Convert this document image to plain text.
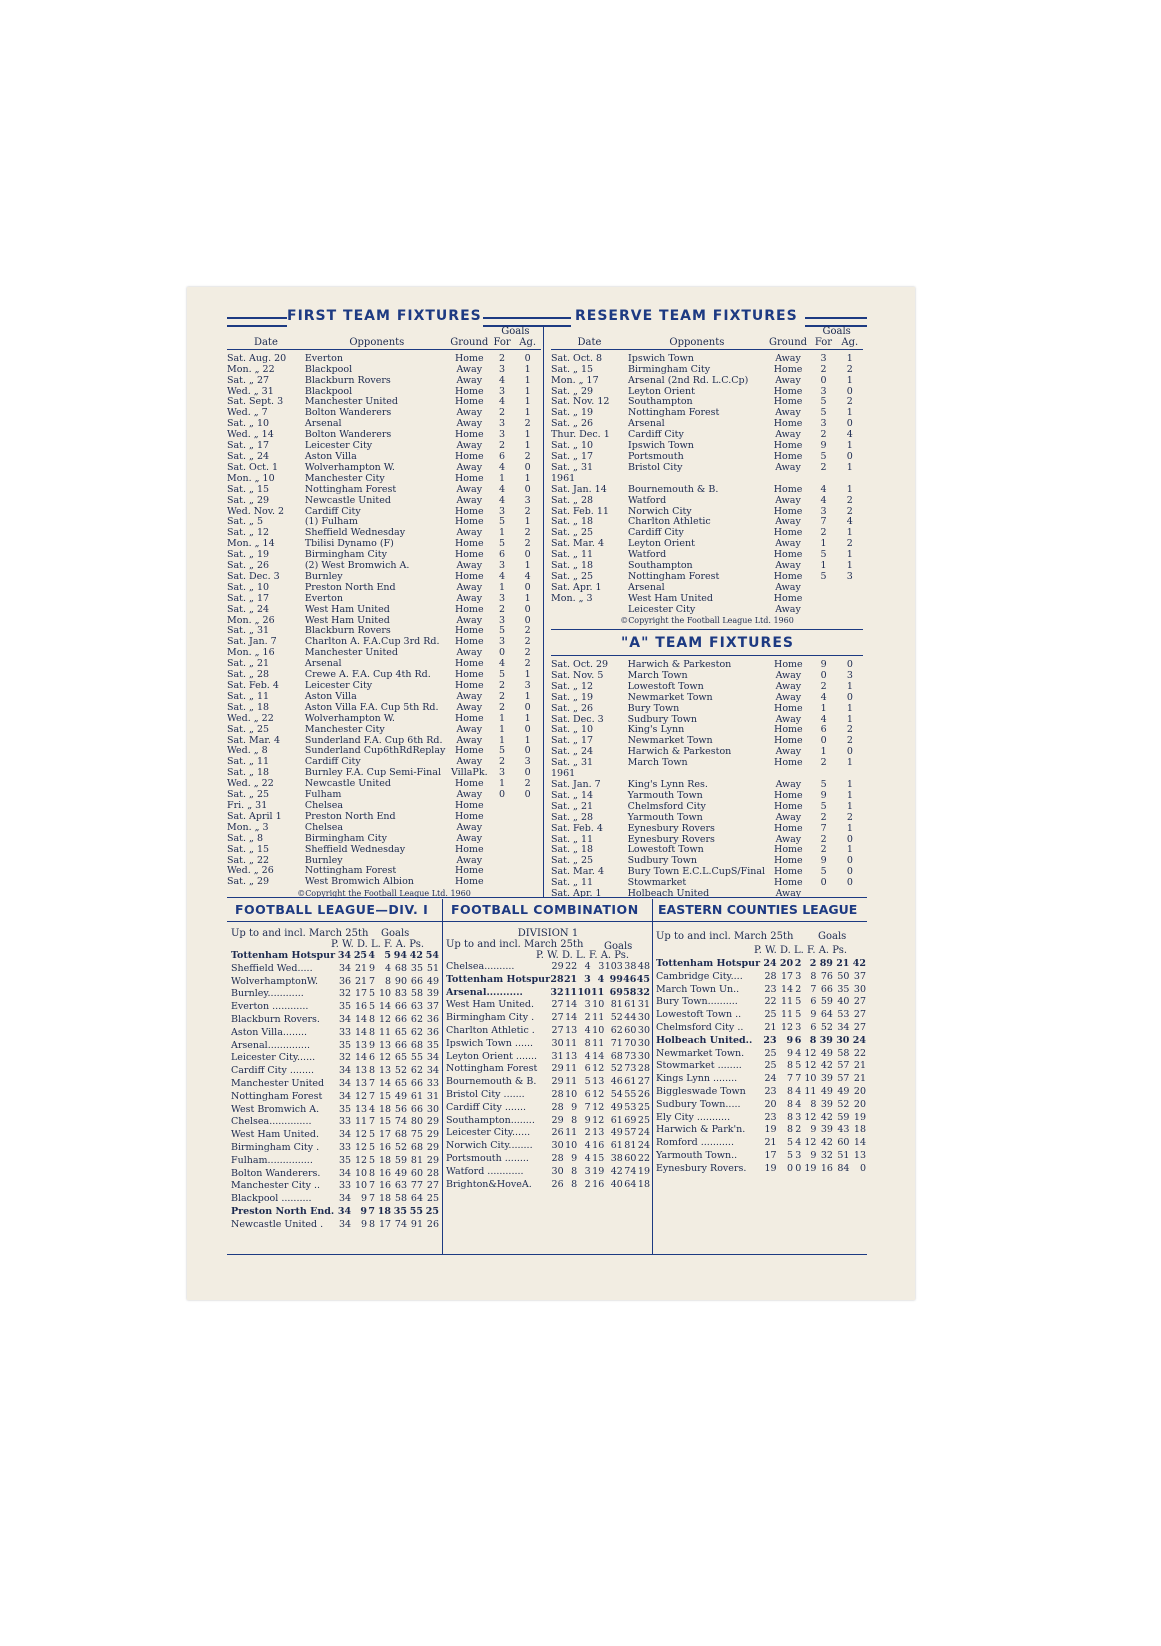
FIRST TEAM FIXTURES	RESERVE TEAM FIXTURES
			Goals	
Date	Opponents	Ground	For	Ag.

Sat. Aug. 20	Everton	Home	2	0
Mon. „ 22	Blackpool	Away	3	1
Sat. „ 27	Blackburn Rovers	Away	4	1
Wed. „ 31	Blackpool	Home	3	1
Sat. Sept. 3	Manchester United	Home	4	1
Wed. „ 7	Bolton Wanderers	Away	2	1
Sat. „ 10	Arsenal	Away	3	2
Wed. „ 14	Bolton Wanderers	Home	3	1
Sat. „ 17	Leicester City	Away	2	1
Sat. „ 24	Aston Villa	Home	6	2
Sat. Oct. 1	Wolverhampton W.	Away	4	0
Mon. „ 10	Manchester City	Home	1	1
Sat. „ 15	Nottingham Forest	Away	4	0
Sat. „ 29	Newcastle United	Away	4	3
Wed. Nov. 2	Cardiff City	Home	3	2
Sat. „ 5	(1) Fulham	Home	5	1
Sat. „ 12	Sheffield Wednesday	Away	1	2
Mon. „ 14	Tbilisi Dynamo (F)	Home	5	2
Sat. „ 19	Birmingham City	Home	6	0
Sat. „ 26	(2) West Bromwich A.	Away	3	1
Sat. Dec. 3	Burnley	Home	4	4
Sat. „ 10	Preston North End	Away	1	0
Sat. „ 17	Everton	Away	3	1
Sat. „ 24	West Ham United	Home	2	0
Mon. „ 26	West Ham United	Away	3	0
Sat. „ 31	Blackburn Rovers	Home	5	2
Sat. Jan. 7	Charlton A. F.A.Cup 3rd Rd.	Home	3	2
Mon. „ 16	Manchester United	Away	0	2
Sat. „ 21	Arsenal	Home	4	2
Sat. „ 28	Crewe A. F.A. Cup 4th Rd.	Home	5	1
Sat. Feb. 4	Leicester City	Home	2	3
Sat. „ 11	Aston Villa	Away	2	1
Sat. „ 18	Aston Villa F.A. Cup 5th Rd.	Away	2	0
Wed. „ 22	Wolverhampton W.	Home	1	1
Sat. „ 25	Manchester City	Away	1	0
Sat. Mar. 4	Sunderland F.A. Cup 6th Rd.	Away	1	1
Wed. „ 8	Sunderland Cup6thRdReplay	Home	5	0
Sat. „ 11	Cardiff City	Away	2	3
Sat. „ 18	Burnley F.A. Cup Semi-Final	VillaPk.	3	0
Wed. „ 22	Newcastle United	Home	1	2
Sat. „ 25	Fulham	Away	0	0
Fri. „ 31	Chelsea	Home		
Sat. April 1	Preston North End	Home		
Mon. „ 3	Chelsea	Away		
Sat. „ 8	Birmingham City	Away		
Sat. „ 15	Sheffield Wednesday	Home		
Sat. „ 22	Burnley	Away		
Wed. „ 26	Nottingham Forest	Home		
Sat. „ 29	West Bromwich Albion	Home		
©Copyright the Football League Ltd. 1960
			Goals	
Date	Opponents	Ground	For	Ag.

Sat. Oct. 8	Ipswich Town	Away	3	1
Sat. „ 15	Birmingham City	Home	2	2
Mon. „ 17	Arsenal (2nd Rd. L.C.Cp)	Away	0	1
Sat. „ 29	Leyton Orient	Home	3	0
Sat. Nov. 12	Southampton	Home	5	2
Sat. „ 19	Nottingham Forest	Away	5	1
Sat. „ 26	Arsenal	Home	3	0
Thur. Dec. 1	Cardiff City	Away	2	4
Sat. „ 10	Ipswich Town	Home	9	1
Sat. „ 17	Portsmouth	Home	5	0
Sat. „ 31	Bristol City	Away	2	1
1961				
Sat. Jan. 14	Bournemouth & B.	Home	4	1
Sat. „ 28	Watford	Away	4	2
Sat. Feb. 11	Norwich City	Home	3	2
Sat. „ 18	Charlton Athletic	Away	7	4
Sat. „ 25	Cardiff City	Home	2	1
Sat. Mar. 4	Leyton Orient	Away	1	2
Sat. „ 11	Watford	Home	5	1
Sat. „ 18	Southampton	Away	1	1
Sat. „ 25	Nottingham Forest	Home	5	3
Sat. Apr. 1	Arsenal	Away		
Mon. „ 3	West Ham United	Home		
	Leicester City	Away		
©Copyright the Football League Ltd. 1960
"A" TEAM FIXTURES
Sat. Oct. 29	Harwich & Parkeston	Home	9	0
Sat. Nov. 5	March Town	Away	0	3
Sat. „ 12	Lowestoft Town	Away	2	1
Sat. „ 19	Newmarket Town	Away	4	0
Sat. „ 26	Bury Town	Home	1	1
Sat. Dec. 3	Sudbury Town	Away	4	1
Sat. „ 10	King's Lynn	Home	6	2
Sat. „ 17	Newmarket Town	Home	0	2
Sat. „ 24	Harwich & Parkeston	Away	1	0
Sat. „ 31	March Town	Home	2	1
1961				
Sat. Jan. 7	King's Lynn Res.	Away	5	1
Sat. „ 14	Yarmouth Town	Home	9	1
Sat. „ 21	Chelmsford City	Home	5	1
Sat. „ 28	Yarmouth Town	Away	2	2
Sat. Feb. 4	Eynesbury Rovers	Home	7	1
Sat. „ 11	Eynesbury Rovers	Away	2	0
Sat. „ 18	Lowestoft Town	Home	2	1
Sat. „ 25	Sudbury Town	Home	9	0
Sat. Mar. 4	Bury Town E.C.L.CupS/Final	Home	5	0
Sat. „ 11	Stowmarket	Home	0	0
Sat. Apr. 1	Holbeach United	Away		
FOOTBALL LEAGUE—DIV. I FOOTBALL COMBINATION EASTERN COUNTIES LEAGUE
Up to and incl. March 25th	Goals
P. W. D. L. F. A. Ps.
Tottenham Hotspur	34	25	4	5	94	42	54
Sheffield Wed.....	34	21	9	4	68	35	51
WolverhamptonW.	36	21	7	8	90	66	49
Burnley............	32	17	5	10	83	58	39
Everton ............	35	16	5	14	66	63	37
Blackburn Rovers.	34	14	8	12	66	62	36
Aston Villa........	33	14	8	11	65	62	36
Arsenal..............	35	13	9	13	66	68	35
Leicester City......	32	14	6	12	65	55	34
Cardiff City ........	34	13	8	13	52	62	34
Manchester United	34	13	7	14	65	66	33
Nottingham Forest	34	12	7	15	49	61	31
West Bromwich A.	35	13	4	18	56	66	30
Chelsea..............	33	11	7	15	74	80	29
West Ham United.	34	12	5	17	68	75	29
Birmingham City .	33	12	5	16	52	68	29
Fulham...............	35	12	5	18	59	81	29
Bolton Wanderers.	34	10	8	16	49	60	28
Manchester City ..	33	10	7	16	63	77	27
Blackpool ..........	34	9	7	18	58	64	25
Preston North End.	34	9	7	18	35	55	25
Newcastle United .	34	9	8	17	74	91	26
DIVISION 1
Up to and incl. March 25th	Goals
P. W. D. L. F. A. Ps.
Chelsea..........	29	22	4	3	103	38	48
Tottenham Hotspur	28	21	3	4	99	46	45
Arsenal...........	32	11	10	11	69	58	32
West Ham United.	27	14	3	10	81	61	31
Birmingham City .	27	14	2	11	52	44	30
Charlton Athletic .	27	13	4	10	62	60	30
Ipswich Town ......	30	11	8	11	71	70	30
Leyton Orient .......	31	13	4	14	68	73	30
Nottingham Forest	29	11	6	12	52	73	28
Bournemouth & B.	29	11	5	13	46	61	27
Bristol City .......	28	10	6	12	54	55	26
Cardiff City .......	28	9	7	12	49	53	25
Southampton........	29	8	9	12	61	69	25
Leicester City......	26	11	2	13	49	57	24
Norwich City........	30	10	4	16	61	81	24
Portsmouth ........	28	9	4	15	38	60	22
Watford ............	30	8	3	19	42	74	19
Brighton&HoveA.	26	8	2	16	40	64	18
Up to and incl. March 25th	Goals
P. W. D. L. F. A. Ps.
Tottenham Hotspur	24	20	2	2	89	21	42
Cambridge City....	28	17	3	8	76	50	37
March Town Un..	23	14	2	7	66	35	30
Bury Town..........	22	11	5	6	59	40	27
Lowestoft Town ..	25	11	5	9	64	53	27
Chelmsford City ..	21	12	3	6	52	34	27
Holbeach United..	23	9	6	8	39	30	24
Newmarket Town.	25	9	4	12	49	58	22
Stowmarket ........	25	8	5	12	42	57	21
Kings Lynn ........	24	7	7	10	39	57	21
Biggleswade Town	23	8	4	11	49	49	20
Sudbury Town.....	20	8	4	8	39	52	20
Ely City ...........	23	8	3	12	42	59	19
Harwich & Park'n.	19	8	2	9	39	43	18
Romford ...........	21	5	4	12	42	60	14
Yarmouth Town..	17	5	3	9	32	51	13
Eynesbury Rovers.	19	0	0	19	16	84	0
